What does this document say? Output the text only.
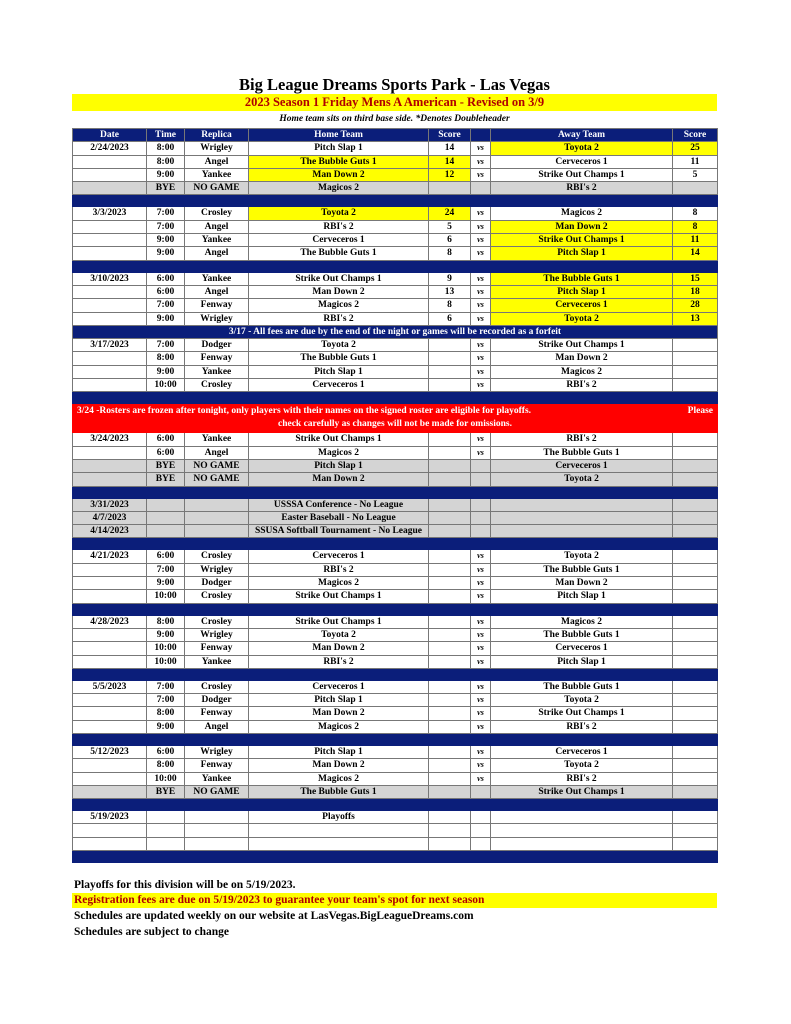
Big League Dreams Sports Park - Las Vegas
2023 Season 1 Friday Mens A American - Revised on 3/9
Home team sits on third base side. *Denotes Doubleheader
Date	Time	Replica	Home Team	Score		Away Team	Score
2/24/2023	8:00	Wrigley	Pitch Slap 1	14	vs	Toyota 2	25
	8:00	Angel	The Bubble Guts 1	14	vs	Cerveceros 1	11
	9:00	Yankee	Man Down 2	12	vs	Strike Out Champs 1	5
	BYE	NO GAME	Magicos 2			RBI's 2	

3/3/2023	7:00	Crosley	Toyota 2	24	vs	Magicos 2	8
	7:00	Angel	RBI's 2	5	vs	Man Down 2	8
	9:00	Yankee	Cerveceros 1	6	vs	Strike Out Champs 1	11
	9:00	Angel	The Bubble Guts 1	8	vs	Pitch Slap 1	14

3/10/2023	6:00	Yankee	Strike Out Champs 1	9	vs	The Bubble Guts 1	15
	6:00	Angel	Man Down 2	13	vs	Pitch Slap 1	18
	7:00	Fenway	Magicos 2	8	vs	Cerveceros 1	28
	9:00	Wrigley	RBI's 2	6	vs	Toyota 2	13
3/17 - All fees are due by the end of the night or games will be recorded as a forfeit							
3/17/2023	7:00	Dodger	Toyota 2		vs	Strike Out Champs 1	
	8:00	Fenway	The Bubble Guts 1		vs	Man Down 2	
	9:00	Yankee	Pitch Slap 1		vs	Magicos 2	
	10:00	Crosley	Cerveceros 1		vs	RBI's 2	

3/24 -Rosters are frozen after tonight, only players with their names on the signed roster are eligible for playoffs. Please
check carefully as changes will not be made for omissions.							

3/24/2023	6:00	Yankee	Strike Out Champs 1		vs	RBI's 2	
	6:00	Angel	Magicos 2		vs	The Bubble Guts 1	
	BYE	NO GAME	Pitch Slap 1			Cerveceros 1	
	BYE	NO GAME	Man Down 2			Toyota 2	

3/31/2023			USSSA Conference - No League				
4/7/2023			Easter Baseball - No League				
4/14/2023			SSUSA Softball Tournament - No League				

4/21/2023	6:00	Crosley	Cerveceros 1		vs	Toyota 2	
	7:00	Wrigley	RBI's 2		vs	The Bubble Guts 1	
	9:00	Dodger	Magicos 2		vs	Man Down 2	
	10:00	Crosley	Strike Out Champs 1		vs	Pitch Slap 1	

4/28/2023	8:00	Crosley	Strike Out Champs 1		vs	Magicos 2	
	9:00	Wrigley	Toyota 2		vs	The Bubble Guts 1	
	10:00	Fenway	Man Down 2		vs	Cerveceros 1	
	10:00	Yankee	RBI's 2		vs	Pitch Slap 1	

5/5/2023	7:00	Crosley	Cerveceros 1		vs	The Bubble Guts 1	
	7:00	Dodger	Pitch Slap 1		vs	Toyota 2	
	8:00	Fenway	Man Down 2		vs	Strike Out Champs 1	
	9:00	Angel	Magicos 2		vs	RBI's 2	

5/12/2023	6:00	Wrigley	Pitch Slap 1		vs	Cerveceros 1	
	8:00	Fenway	Man Down 2		vs	Toyota 2	
	10:00	Yankee	Magicos 2		vs	RBI's 2	
	BYE	NO GAME	The Bubble Guts 1			Strike Out Champs 1	

5/19/2023			Playoffs				

Playoffs for this division will be on 5/19/2023.
Registration fees are due on 5/19/2023 to guarantee your team's spot for next season
Schedules are updated weekly on our website at LasVegas.BigLeagueDreams.com
Schedules are subject to change
